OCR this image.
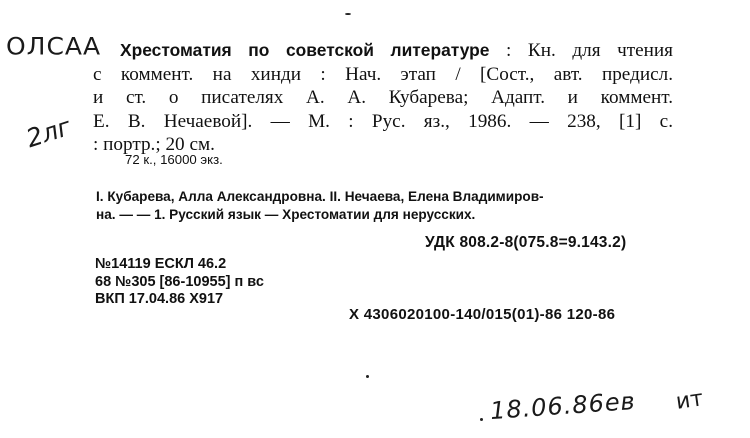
ОЛСАА
2лг
Хрестоматия по советской литературе : Кн. для чтения
с коммент. на хинди : Нач. этап / [Сост., авт. предисл.
и ст. о писателях А. А. Кубарева; Адапт. и коммент.
Е. В. Нечаевой]. — М. : Рус. яз., 1986. — 238, [1] с.
: портр.; 20 см.
72 к., 16000 экз.
I. Кубарева, Алла Александровна. II. Нечаева, Елена Владимиров-
на. — — 1. Русский язык — Хрестоматии для нерусских.
УДК 808.2-8(075.8=9.143.2)
№14119 ЕСКЛ 46.2
68 №305 [86-10955] п вс
ВКП 17.04.86 Х917
Х 4306020100-140/015(01)-86 120-86
18.06.86ев ит
